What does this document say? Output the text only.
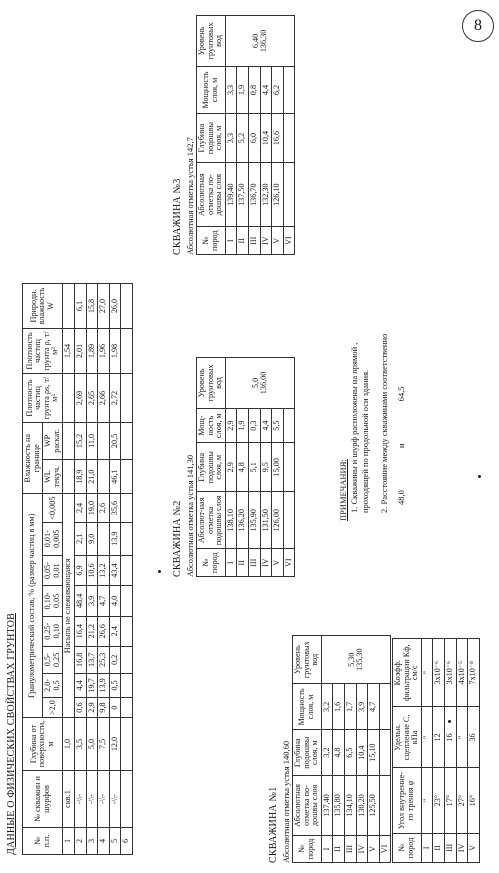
8
ДАННЫЕ О ФИЗИЧЕСКИХ СВОЙСТВАХ ГРУНТОВ № п.п.	№ скважин и шурфов	Глубина от поверхности, м	Гранулометрический состав, % (размер частиц в мм)								Влажность на границе		Плотность частиц грунта ρs, т/м³	Плотность частиц грунта ρ, т/м³	Природн. влажность W
			>2,0	2,0-0,5	0,5-0,25	0,25-0,10	0,10-0,05	0,05-0,01	0,01-0,005	<0,005	WL текуч.	WP раскат.			

1	скв.1	1,0	Насыпь не слеживающаяся											1,54	
2	-\\-	3,5	0,6	4,4	16,8	16,4	48,4	6,9	2,1	2,4	18,9	15,2	2,69	2,01	6,1
3	-\\-	5,0	2,9	19,7	13,7	21,2	3,9	10,6	9,0	19,0	21,0	11,0	2,65	1,89	15,8
4	-\\-	7,5	9,8	13,9	25,3	26,6	4,7	13,2		2,6			2,66	1,96	27,0
5	-\\-	12,0	0	0,5	0,2	2,4	4,0	43,4	13,9	35,6	46,1	20,5	2,72	1,98	26,0
6																СКВАЖИНА №1 Абсолютная отметка устья 140,60 № пород	Абсолютная отметка по-дошвы слоя	Глубина подошвы слоя, м	Мощность слоя, м	Уровень грунтовых вод
I	137,40	3,2	3,2	5,30
135,30
II	135,80	4,8	1,6	
III	134,10	6,5	1,7	
IV	130,20	10,4	3,9	
V	125,50	15,10	4,7	
VI				
СКВАЖИНА №2 Абсолютная отметка устья 141,30 № пород	Абсолют-ная отметка подошвы слоя	Глубина подошвы слоя, м	Мощ-ность слоя, м	Уровень грунтовых вод
I	138,10	2,9	2,9	5,0
136,00
II	136,20	4,8	1,9	
III	135,90	5,1	0,3	
IV	131,50	9,5	4,4	
V	126,00	15,00	5,5	
VI				
СКВАЖИНА №3 Абсолютная отметка устья 142,7 № пород	Абсолютная отметка по-дошвы слоя	Глубина подошвы слоя, м	Мощность слоя, м	Уровень грунтовых вод
I	139,40	3,3	3,3	6,40
136,30
II	137,50	5,2	1,9	
III	136,70	6,0	0,8	
IV	132,30	10,4	4,4	
V	126,10	16,6	6,2	
VI				
№ пород	Угол внутренне-го трения φ	Удельн. сцепление С, кПа	Коэфф. фильтрации Кф, см/с
I	"	"	"
II	23°	12	3x10⁻⁶
III	17°	16	3x10⁻⁶
IV	27°	"	4x10⁻⁵
V	16°	36	7x10⁻⁸
ПРИМЕЧАНИЯ: 1. Скважины и шурф расположены на прямой , проходящей по продольной оси здания. 2. Расстояние между скважинами соответственно 48,0 и 64,5
